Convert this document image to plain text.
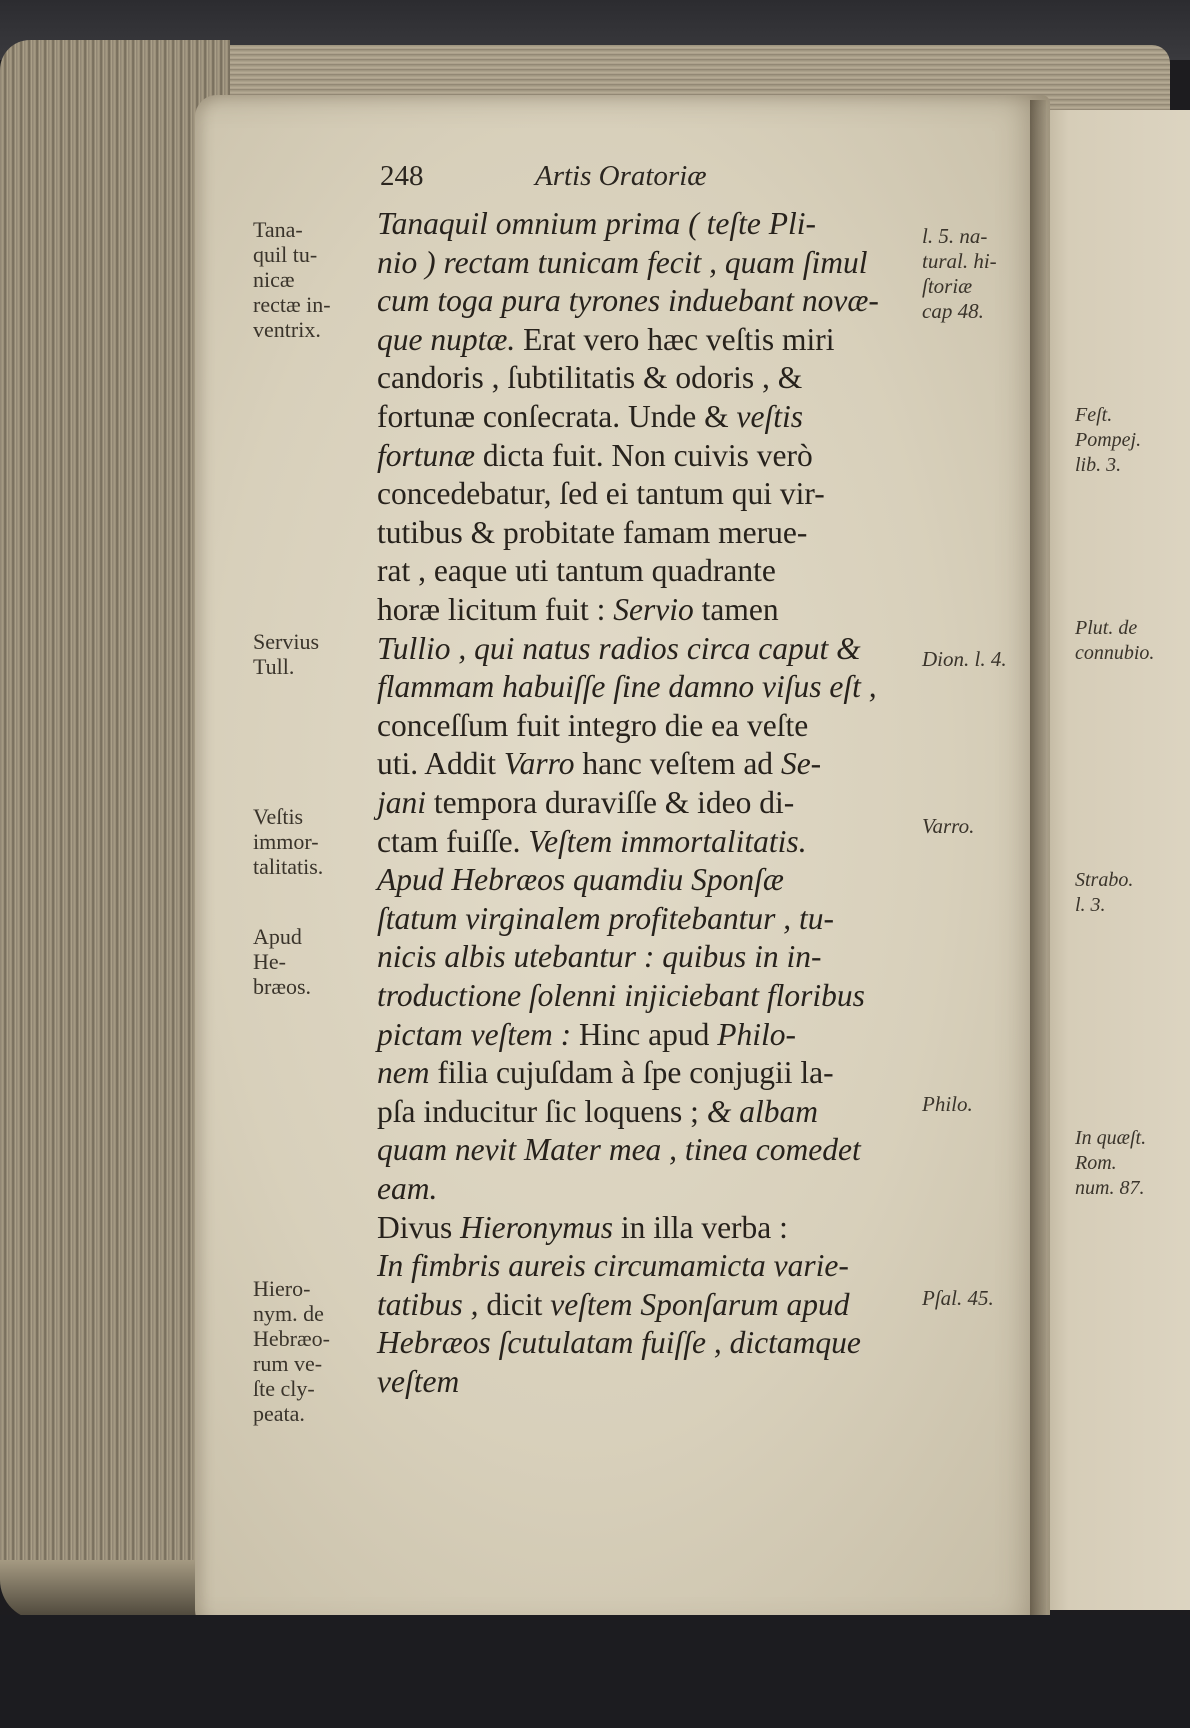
248	Artis Oratoriæ
Tanaquil omnium prima ( teſte Pli-
nio ) rectam tunicam fecit , quam ſimul
cum toga pura tyrones induebant novæ-
que nuptæ. Erat vero hæc veſtis miri
candoris , ſubtilitatis & odoris , &
fortunæ conſecrata. Unde & veſtis
fortunæ dicta fuit. Non cuivis verò
concedebatur, ſed ei tantum qui vir-
tutibus & probitate famam merue-
rat , eaque uti tantum quadrante
horæ licitum fuit : Servio tamen
Tullio , qui natus radios circa caput &
flammam habuiſſe ſine damno viſus eſt ,
conceſſum fuit integro die ea veſte
uti. Addit Varro hanc veſtem ad Se-
jani tempora duraviſſe & ideo di-
ctam fuiſſe. Veſtem immortalitatis.
Apud Hebræos quamdiu Sponſæ
ſtatum virginalem profitebantur , tu-
nicis albis utebantur : quibus in in-
troductione ſolenni injiciebant floribus
pictam veſtem : Hinc apud Philo-
nem filia cujuſdam à ſpe conjugii la-
pſa inducitur ſic loquens ; & albam
quam nevit Mater mea , tinea comedet
eam.
Divus Hieronymus in illa verba :
In fimbris aureis circumamicta varie-
tatibus , dicit veſtem Sponſarum apud
Hebræos ſcutulatam fuiſſe , dictamque
veſtem
Tana-
quil tu-
nicæ
rectæ in-
ventrix.
Servius
Tull.
Veſtis
immor-
talitatis.
Apud
He-
bræos.
Hiero-
nym. de
Hebræo-
rum ve-
ſte cly-
peata.
l. 5. na-
tural. hi-
ſtoriæ
cap 48.
Dion. l. 4.
Varro.
Philo.
Pſal. 45.
Feſt.
Pompej.
lib. 3.
Plut. de
connubio.
Strabo.
l. 3.
In quæſt.
Rom.
num. 87.
